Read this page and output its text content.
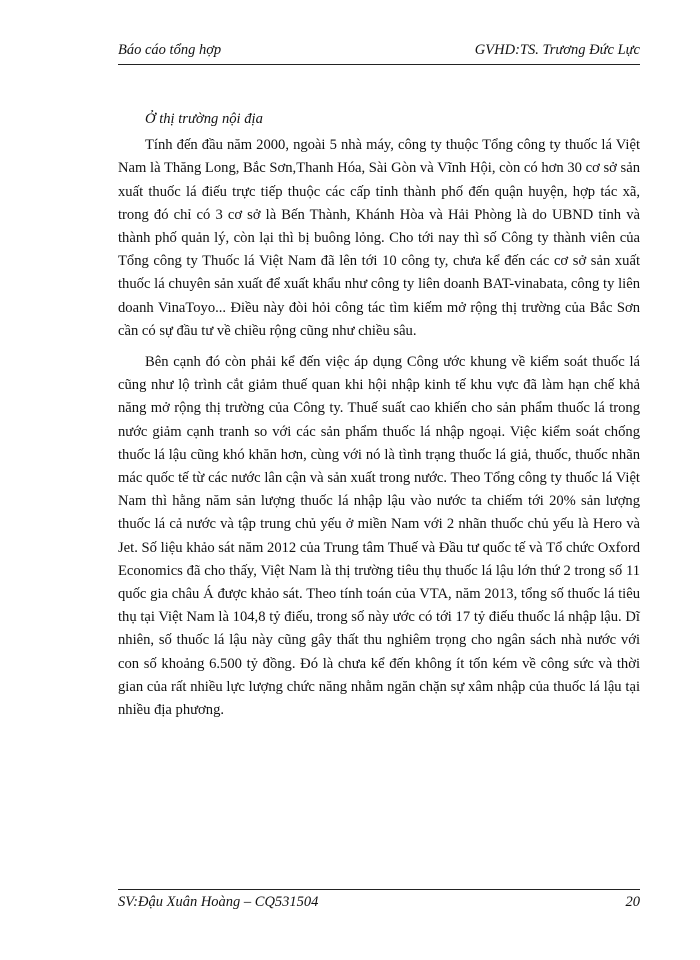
Báo cáo tổng hợp	GVHD:TS. Trương Đức Lực

Ở thị trường nội địa

Tính đến đầu năm 2000, ngoài 5 nhà máy, công ty thuộc Tổng công ty thuốc lá Việt Nam là Thăng Long, Bắc Sơn,Thanh Hóa, Sài Gòn và Vĩnh Hội, còn có hơn 30 cơ sở sản xuất thuốc lá điếu trực tiếp thuộc các cấp tỉnh thành phố đến quận huyện, hợp tác xã, trong đó chỉ có 3 cơ sở là Bến Thành, Khánh Hòa và Hải Phòng là do UBND tỉnh và thành phố quản lý, còn lại thì bị buông lỏng. Cho tới nay thì số Công ty thành viên của Tổng công ty Thuốc lá Việt Nam đã lên tới 10 công ty, chưa kể đến các cơ sở sản xuất thuốc lá chuyên sản xuất để xuất khẩu như công ty liên doanh BAT-vinabata, công ty liên doanh VinaToyo... Điều này đòi hỏi công tác tìm kiếm mở rộng thị trường của Bắc Sơn cần có sự đầu tư về chiều rộng cũng như chiều sâu.

Bên cạnh đó còn phải kể đến việc áp dụng Công ước khung về kiểm soát thuốc lá cũng như lộ trình cắt giảm thuế quan khi hội nhập kinh tế khu vực đã làm hạn chế khả năng mở rộng thị trường của Công ty. Thuế suất cao khiến cho sản phẩm thuốc lá trong nước giảm cạnh tranh so với các sản phẩm thuốc lá nhập ngoại. Việc kiểm soát chống thuốc lá lậu cũng khó khăn hơn, cùng với nó là tình trạng thuốc lá giả, thuốc, thuốc nhãn mác quốc tế từ các nước lân cận và sản xuất trong nước. Theo Tổng công ty thuốc lá Việt Nam thì hằng năm sản lượng thuốc lá nhập lậu vào nước ta chiếm tới 20% sản lượng thuốc lá cả nước và tập trung chủ yếu ở miền Nam với 2 nhãn thuốc chủ yếu là Hero và Jet. Số liệu khảo sát năm 2012 của Trung tâm Thuế và Đầu tư quốc tế và Tổ chức Oxford Economics đã cho thấy, Việt Nam là thị trường tiêu thụ thuốc lá lậu lớn thứ 2 trong số 11 quốc gia châu Á được khảo sát. Theo tính toán của VTA, năm 2013, tổng số thuốc lá tiêu thụ tại Việt Nam là 104,8 tỷ điếu, trong số này ước có tới 17 tỷ điếu thuốc lá nhập lậu. Dĩ nhiên, số thuốc lá lậu này cũng gây thất thu nghiêm trọng cho ngân sách nhà nước với con số khoảng 6.500 tỷ đồng. Đó là chưa kể đến không ít tốn kém về công sức và thời gian của rất nhiều lực lượng chức năng nhằm ngăn chặn sự xâm nhập của thuốc lá lậu tại nhiều địa phương.

SV:Đậu Xuân Hoàng – CQ531504	20
